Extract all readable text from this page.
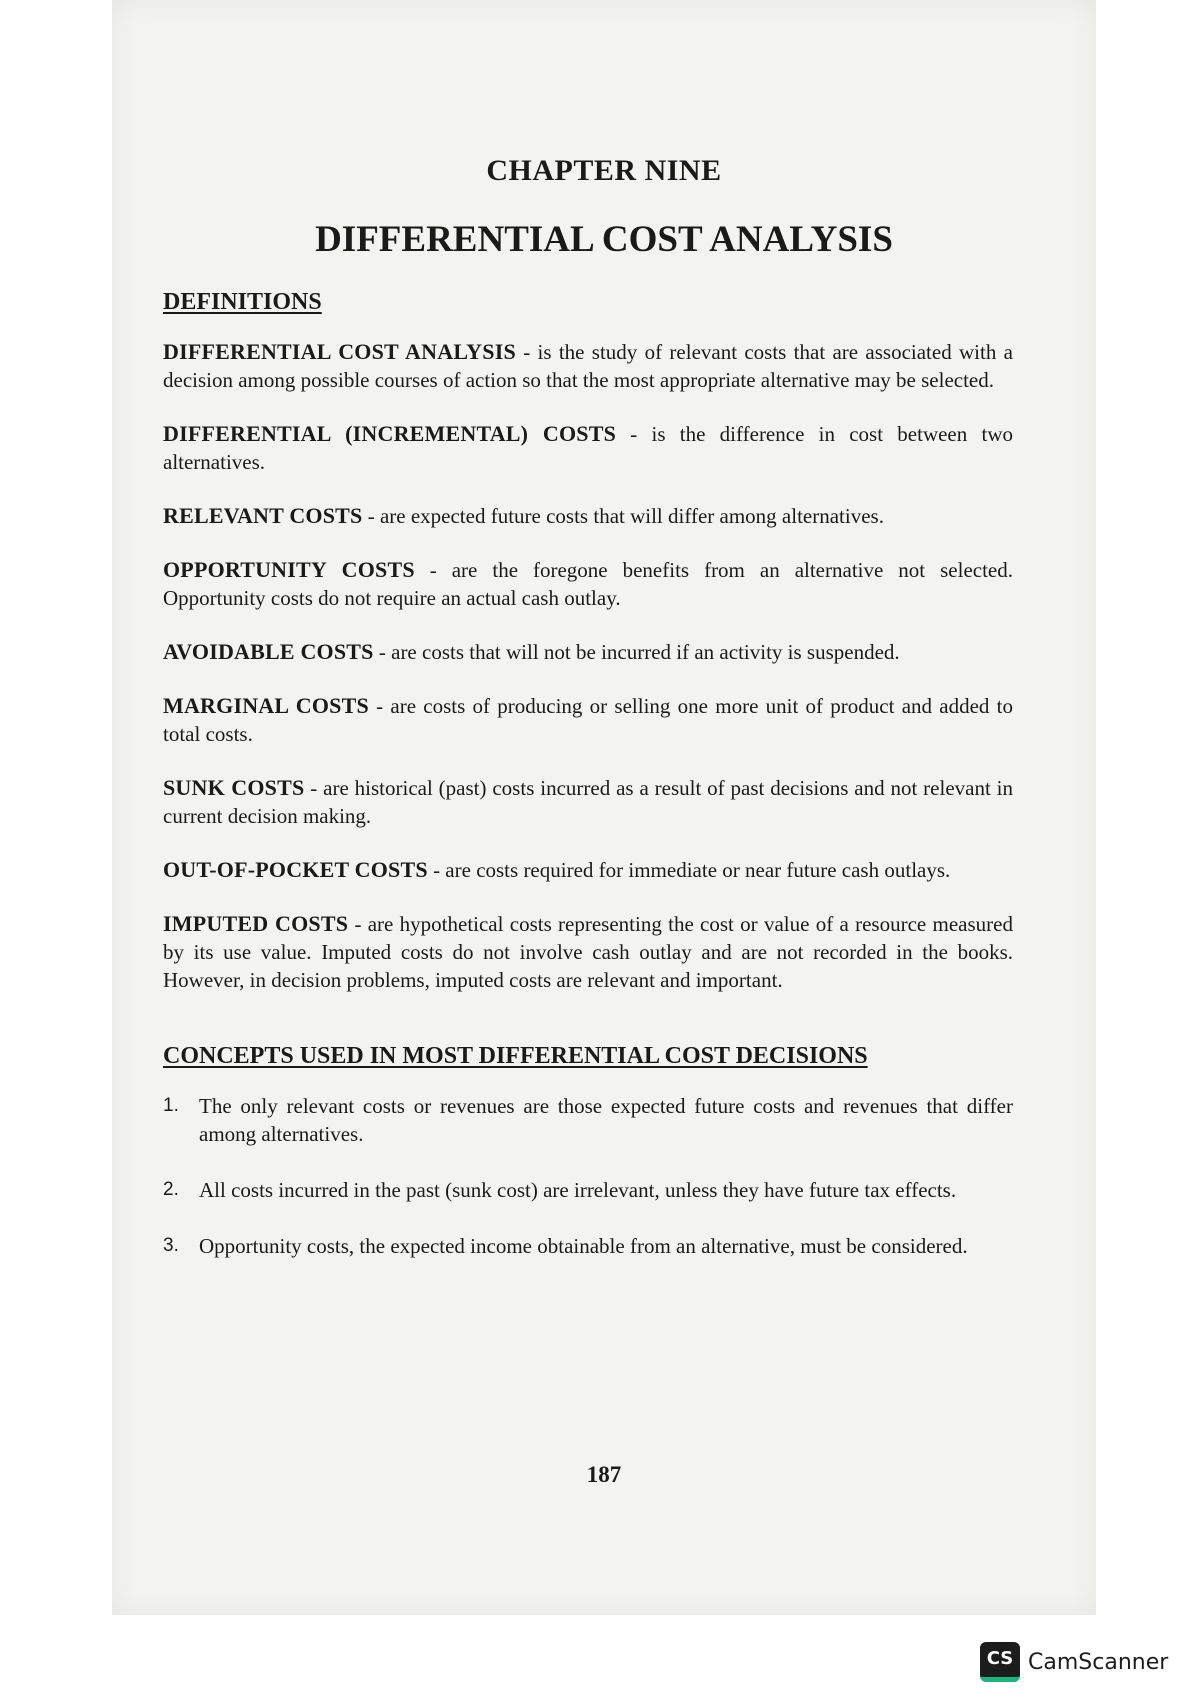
CHAPTER NINE
DIFFERENTIAL COST ANALYSIS
187
DEFINITIONS

DIFFERENTIAL COST ANALYSIS - is the study of relevant costs that are associated with a decision among possible courses of action so that the most appropriate alternative may be selected.

DIFFERENTIAL (INCREMENTAL) COSTS - is the difference in cost between two alternatives.

RELEVANT COSTS - are expected future costs that will differ among alternatives.

OPPORTUNITY COSTS - are the foregone benefits from an alternative not selected. Opportunity costs do not require an actual cash outlay.

AVOIDABLE COSTS - are costs that will not be incurred if an activity is suspended.

MARGINAL COSTS - are costs of producing or selling one more unit of product and added to total costs.

SUNK COSTS - are historical (past) costs incurred as a result of past decisions and not relevant in current decision making.

OUT-OF-POCKET COSTS - are costs required for immediate or near future cash outlays.

IMPUTED COSTS - are hypothetical costs representing the cost or value of a resource measured by its use value. Imputed costs do not involve cash outlay and are not recorded in the books. However, in decision problems, imputed costs are relevant and important.

CONCEPTS USED IN MOST DIFFERENTIAL COST DECISIONS
1. The only relevant costs or revenues are those expected future costs and revenues that differ among alternatives.
2. All costs incurred in the past (sunk cost) are irrelevant, unless they have future tax effects.
3. Opportunity costs, the expected income obtainable from an alternative, must be considered.
CS CamScanner
